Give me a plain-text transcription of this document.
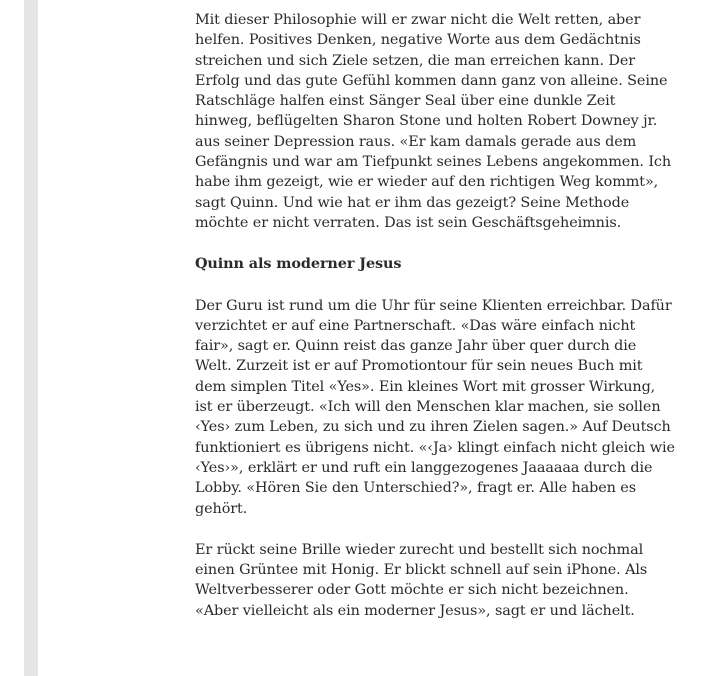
Mit dieser Philosophie will er zwar nicht die Welt retten, aber helfen. Positives Denken, negative Worte aus dem Gedächtnis streichen und sich Ziele setzen, die man erreichen kann. Der Erfolg und das gute Gefühl kommen dann ganz von alleine. Seine Ratschläge halfen einst Sänger Seal über eine dunkle Zeit hinweg, beflügelten Sharon Stone und holten Robert Downey jr. aus seiner Depression raus. «Er kam damals gerade aus dem Gefängnis und war am Tiefpunkt seines Lebens angekommen. Ich habe ihm gezeigt, wie er wieder auf den richtigen Weg kommt», sagt Quinn. Und wie hat er ihm das gezeigt? Seine Methode möchte er nicht verraten. Das ist sein Geschäftsgeheimnis.

Quinn als moderner Jesus

Der Guru ist rund um die Uhr für seine Klienten erreichbar. Dafür verzichtet er auf eine Partnerschaft. «Das wäre einfach nicht fair», sagt er. Quinn reist das ganze Jahr über quer durch die Welt. Zurzeit ist er auf Promotiontour für sein neues Buch mit dem simplen Titel «Yes». Ein kleines Wort mit grosser Wirkung, ist er überzeugt. «Ich will den Menschen klar machen, sie sollen ‹Yes› zum Leben, zu sich und zu ihren Zielen sagen.» Auf Deutsch funktioniert es übrigens nicht. «‹Ja› klingt einfach nicht gleich wie ‹Yes›», erklärt er und ruft ein langgezogenes Jaaaaaa durch die Lobby. «Hören Sie den Unterschied?», fragt er. Alle haben es gehört.

Er rückt seine Brille wieder zurecht und bestellt sich nochmal einen Grüntee mit Honig. Er blickt schnell auf sein iPhone. Als Weltverbesserer oder Gott möchte er sich nicht bezeichnen. «Aber vielleicht als ein moderner Jesus», sagt er und lächelt.
